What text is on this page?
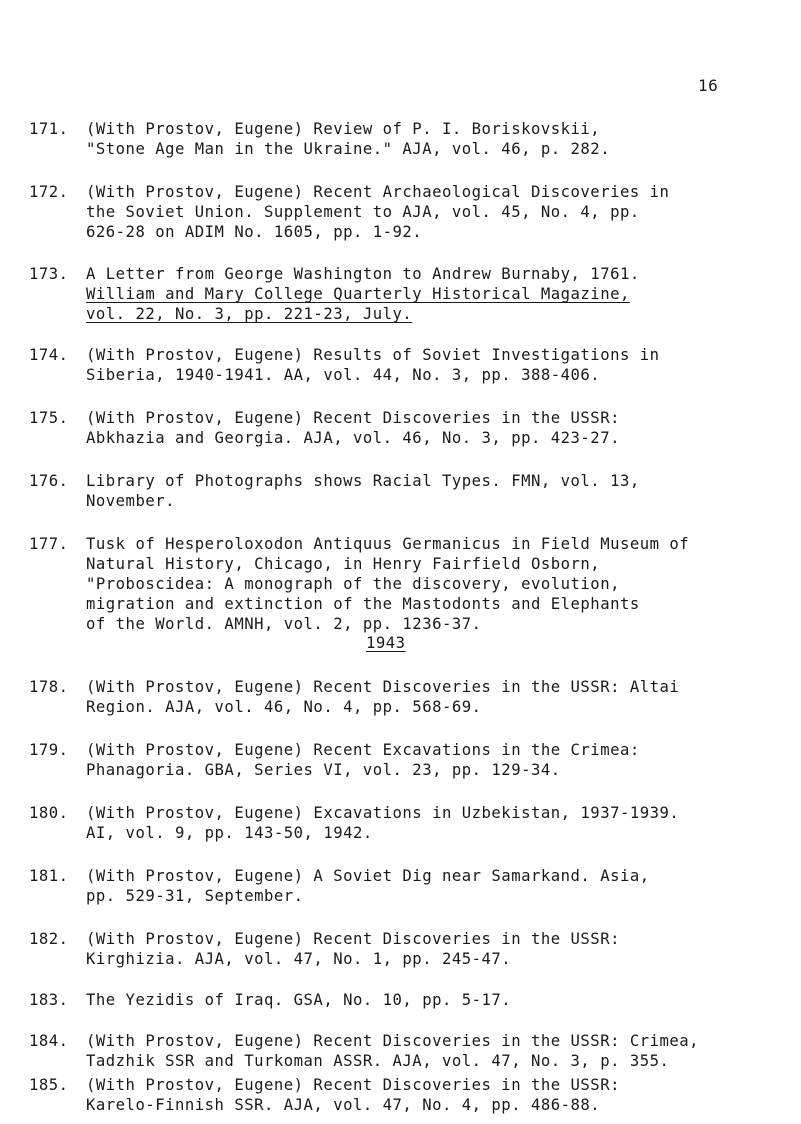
16
171.	(With Prostov, Eugene) Review of P. I. Boriskovskii,
"Stone Age Man in the Ukraine." AJA, vol. 46, p. 282.
172.	(With Prostov, Eugene) Recent Archaeological Discoveries in
the Soviet Union. Supplement to AJA, vol. 45, No. 4, pp.
626-28 on ADIM No. 1605, pp. 1-92.
173.	A Letter from George Washington to Andrew Burnaby, 1761.
William and Mary College Quarterly Historical Magazine,
vol. 22, No. 3, pp. 221-23, July.
174.	(With Prostov, Eugene) Results of Soviet Investigations in
Siberia, 1940-1941. AA, vol. 44, No. 3, pp. 388-406.
175.	(With Prostov, Eugene) Recent Discoveries in the USSR:
Abkhazia and Georgia. AJA, vol. 46, No. 3, pp. 423-27.
176.	Library of Photographs shows Racial Types. FMN, vol. 13,
November.
177.	Tusk of Hesperoloxodon Antiquus Germanicus in Field Museum of
Natural History, Chicago, in Henry Fairfield Osborn,
"Proboscidea: A monograph of the discovery, evolution,
migration and extinction of the Mastodonts and Elephants
of the World. AMNH, vol. 2, pp. 1236-37.
1943
178.	(With Prostov, Eugene) Recent Discoveries in the USSR: Altai
Region. AJA, vol. 46, No. 4, pp. 568-69.
179.	(With Prostov, Eugene) Recent Excavations in the Crimea:
Phanagoria. GBA, Series VI, vol. 23, pp. 129-34.
180.	(With Prostov, Eugene) Excavations in Uzbekistan, 1937-1939.
AI, vol. 9, pp. 143-50, 1942.
181.	(With Prostov, Eugene) A Soviet Dig near Samarkand. Asia,
pp. 529-31, September.
182.	(With Prostov, Eugene) Recent Discoveries in the USSR:
Kirghizia. AJA, vol. 47, No. 1, pp. 245-47.
183.	The Yezidis of Iraq. GSA, No. 10, pp. 5-17.
184.	(With Prostov, Eugene) Recent Discoveries in the USSR: Crimea,
Tadzhik SSR and Turkoman ASSR. AJA, vol. 47, No. 3, p. 355.
185.	(With Prostov, Eugene) Recent Discoveries in the USSR:
Karelo-Finnish SSR. AJA, vol. 47, No. 4, pp. 486-88.
